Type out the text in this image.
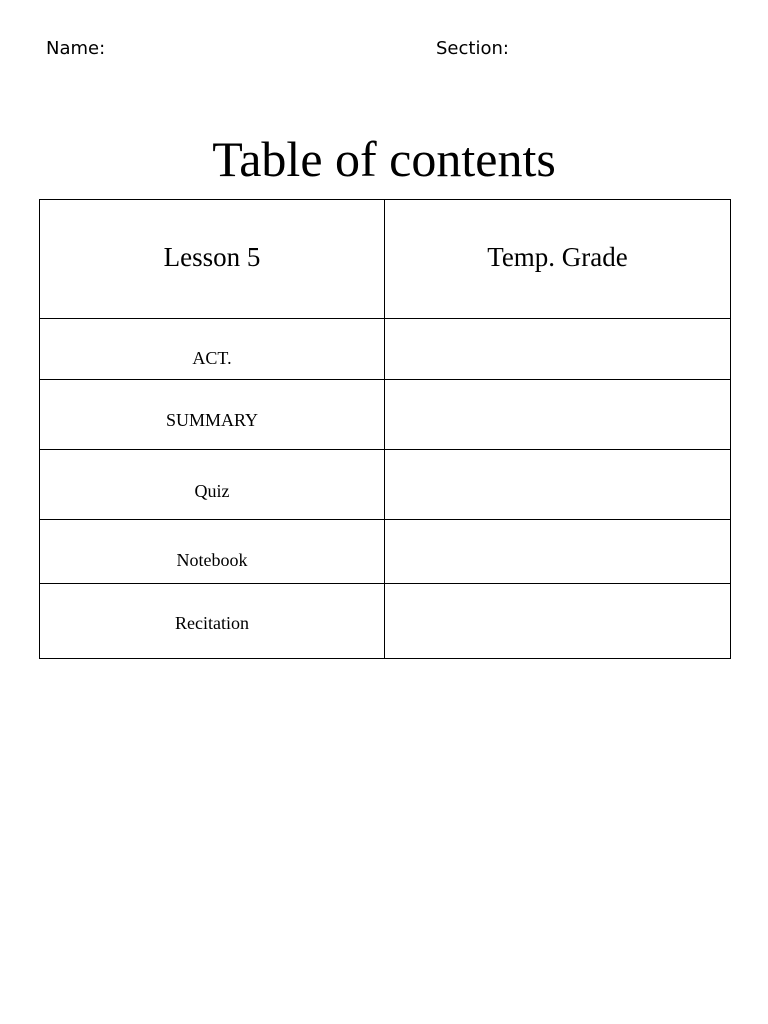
Name:	Section:

Table of contents
Lesson 5	Temp. Grade
ACT.	
SUMMARY	
Quiz	
Notebook	
Recitation	
